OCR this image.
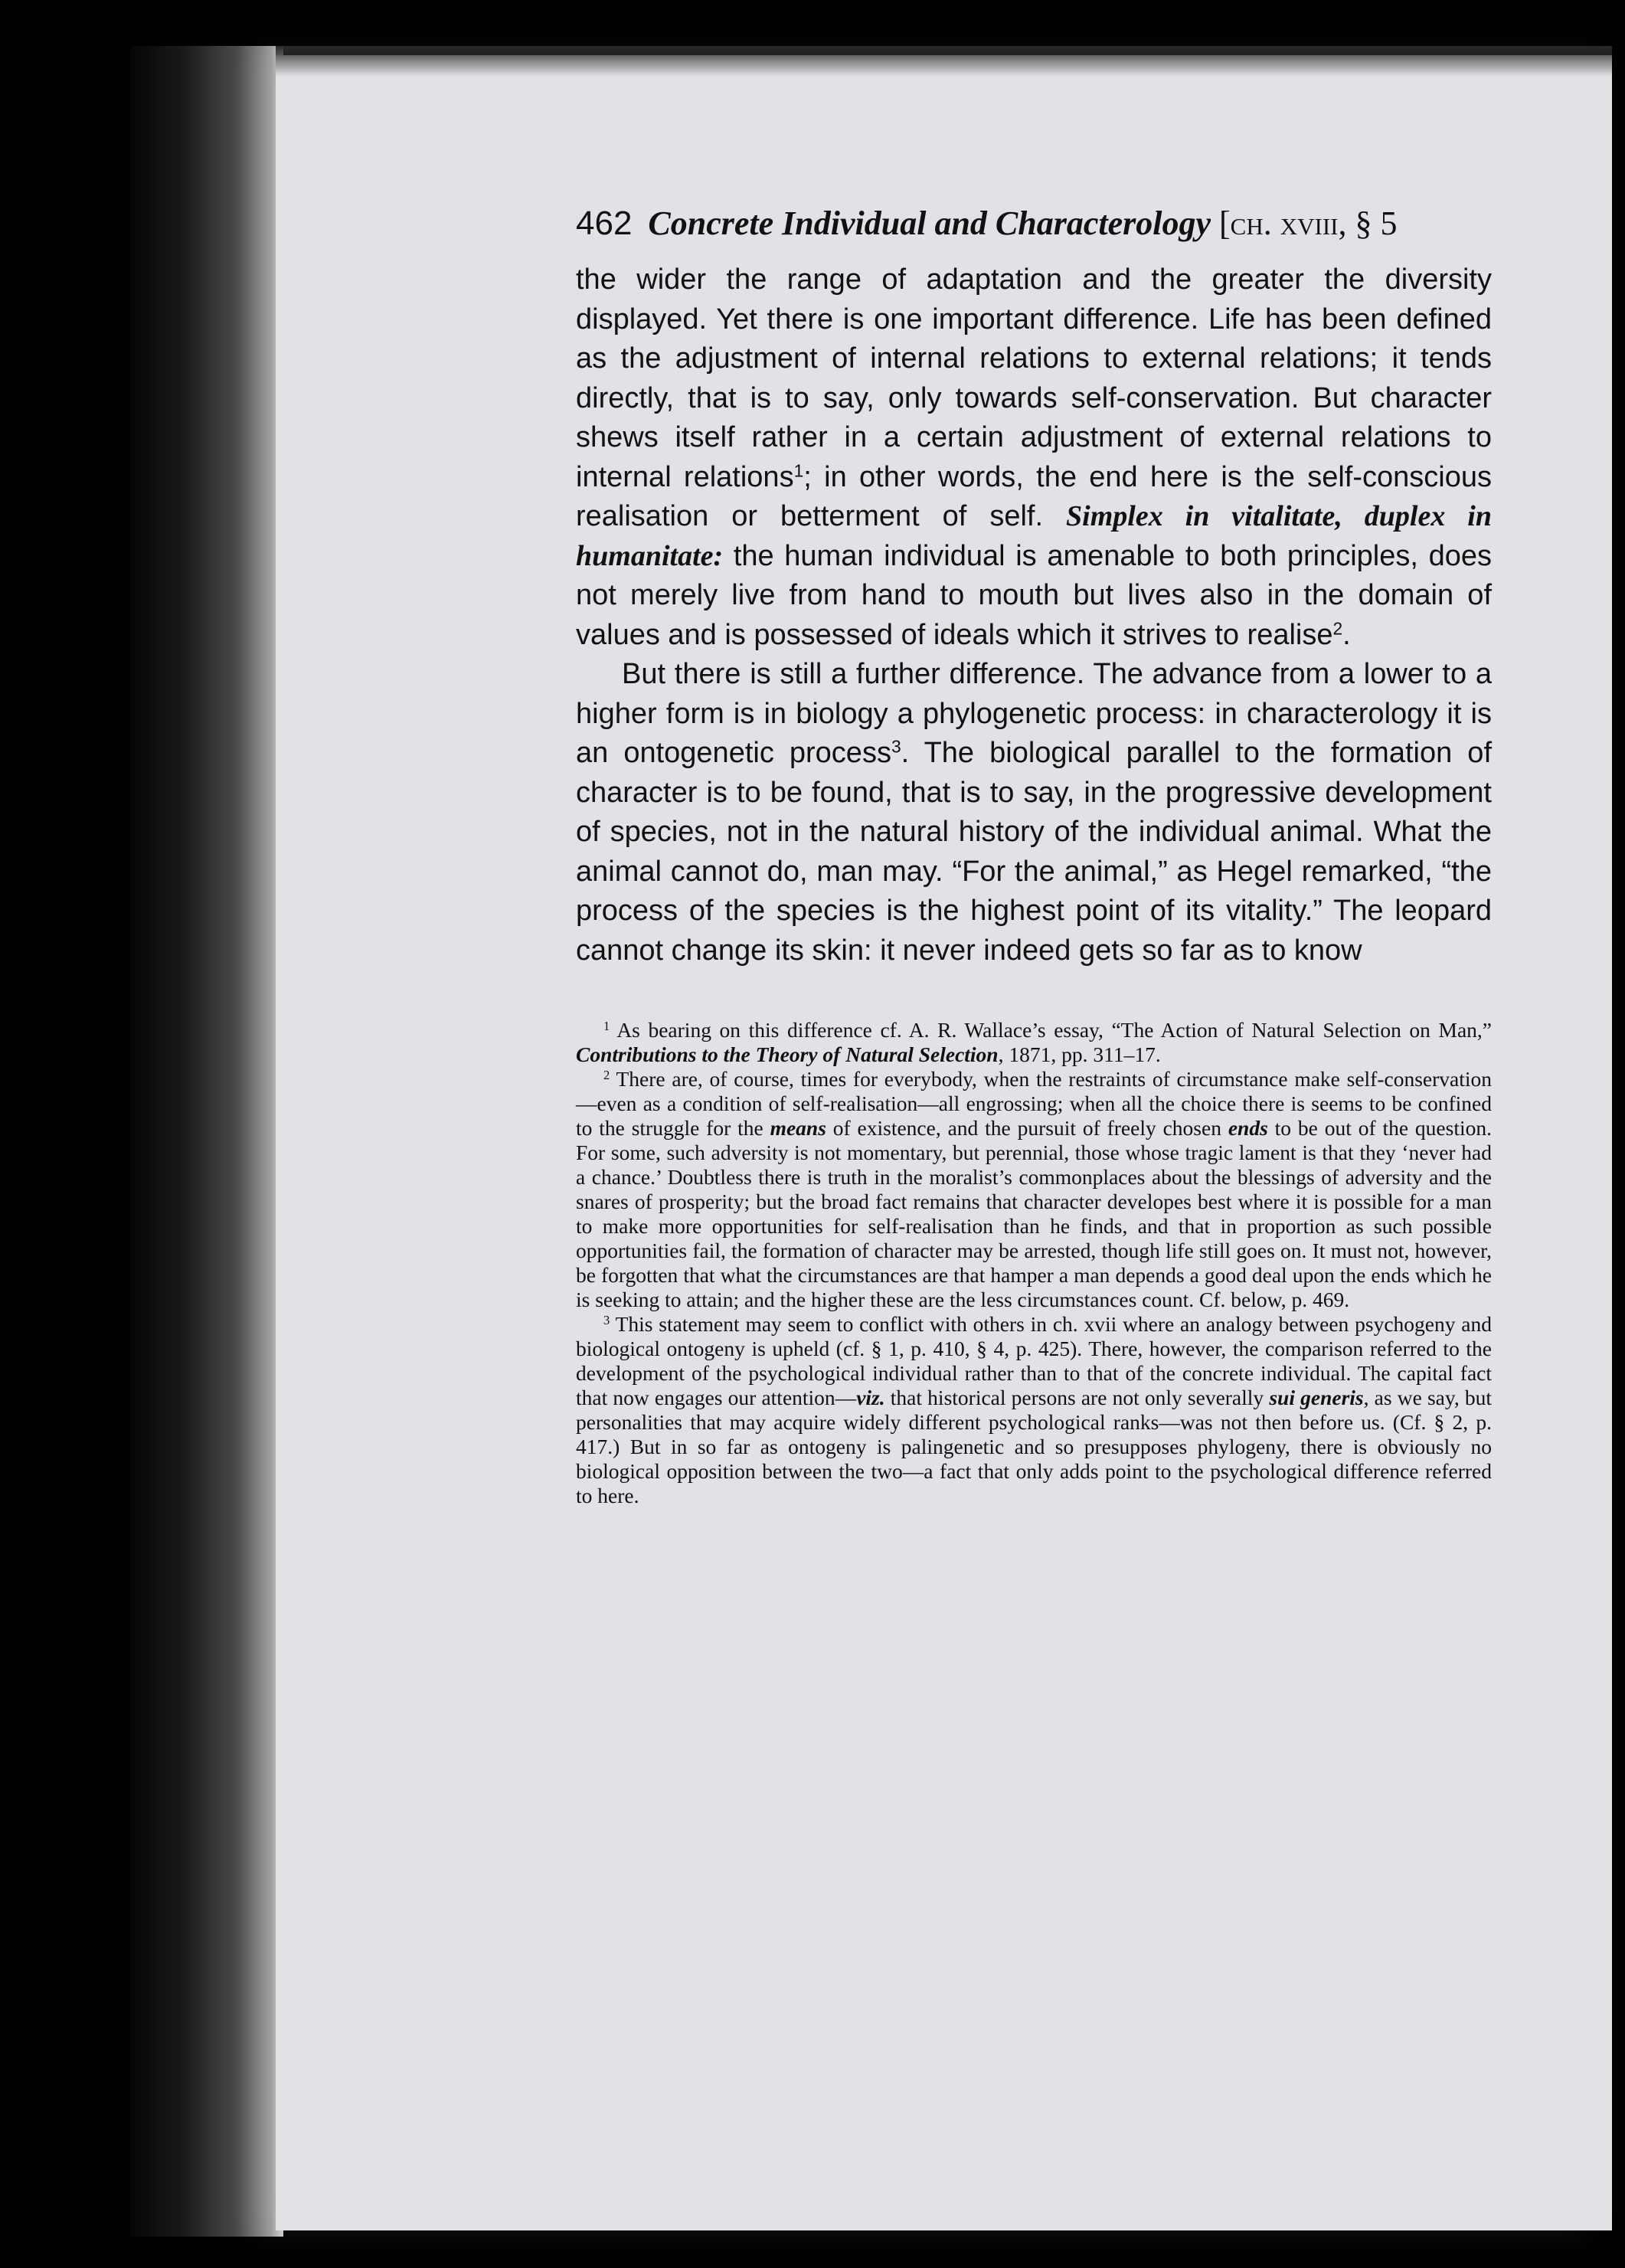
462 Concrete Individual and Characterology [ch. xviii, § 5

the wider the range of adaptation and the greater the diversity displayed. Yet there is one important difference. Life has been defined as the adjustment of internal relations to external relations; it tends directly, that is to say, only towards self-conservation. But character shews itself rather in a certain adjustment of external relations to internal relations$^1$; in other words, the end here is the self-conscious realisation or betterment of self. Simplex in vitalitate, duplex in humanitate: the human individual is amenable to both principles, does not merely live from hand to mouth but lives also in the domain of values and is possessed of ideals which it strives to realise$^2$.

But there is still a further difference. The advance from a lower to a higher form is in biology a phylogenetic process: in characterology it is an ontogenetic process$^3$. The biological parallel to the formation of character is to be found, that is to say, in the progressive development of species, not in the natural history of the individual animal. What the animal cannot do, man may. “For the animal,” as Hegel remarked, “the process of the species is the highest point of its vitality.” The leopard cannot change its skin: it never indeed gets so far as to know

$^1$ As bearing on this difference cf. A. R. Wallace’s essay, “The Action of Natural Selection on Man,” Contributions to the Theory of Natural Selection, 1871, pp. 311–17.

$^2$ There are, of course, times for everybody, when the restraints of circumstance make self-conservation—even as a condition of self-realisation—all engrossing; when all the choice there is seems to be confined to the struggle for the means of existence, and the pursuit of freely chosen ends to be out of the question. For some, such adversity is not momentary, but perennial, those whose tragic lament is that they ‘never had a chance.’ Doubtless there is truth in the moralist’s commonplaces about the blessings of adversity and the snares of prosperity; but the broad fact remains that character developes best where it is possible for a man to make more opportunities for self-realisation than he finds, and that in proportion as such possible opportunities fail, the formation of character may be arrested, though life still goes on. It must not, however, be forgotten that what the circumstances are that hamper a man depends a good deal upon the ends which he is seeking to attain; and the higher these are the less circumstances count. Cf. below, p. 469.

$^3$ This statement may seem to conflict with others in ch. xvii where an analogy between psychogeny and biological ontogeny is upheld (cf. § 1, p. 410, § 4, p. 425). There, however, the comparison referred to the development of the psychological individual rather than to that of the concrete individual. The capital fact that now engages our attention—viz. that historical persons are not only severally sui generis, as we say, but personalities that may acquire widely different psychological ranks—was not then before us. (Cf. § 2, p. 417.) But in so far as ontogeny is palingenetic and so presupposes phylogeny, there is obviously no biological opposition between the two—a fact that only adds point to the psychological difference referred to here.
